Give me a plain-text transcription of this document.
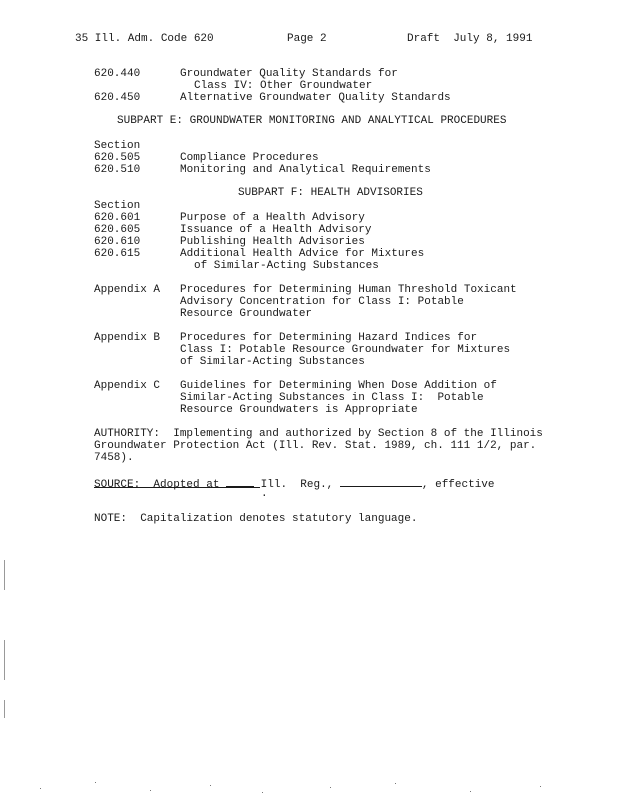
35 Ill. Adm. Code 620	Page 2	Draft  July 8, 1991
620.440	Groundwater Quality Standards for
Class IV: Other Groundwater
620.450	Alternative Groundwater Quality Standards
SUBPART E: GROUNDWATER MONITORING AND ANALYTICAL PROCEDURES
Section
620.505	Compliance Procedures
620.510	Monitoring and Analytical Requirements
SUBPART F: HEALTH ADVISORIES
Section
620.601	Purpose of a Health Advisory
620.605	Issuance of a Health Advisory
620.610	Publishing Health Advisories
620.615	Additional Health Advice for Mixtures
of Similar-Acting Substances
Appendix A Procedures for Determining Human Threshold Toxicant
Advisory Concentration for Class I: Potable
Resource Groundwater
Appendix B Procedures for Determining Hazard Indices for
Class I: Potable Resource Groundwater for Mixtures
of Similar-Acting Substances
Appendix C Guidelines for Determining When Dose Addition of
Similar-Acting Substances in Class I:  Potable
Resource Groundwaters is Appropriate
AUTHORITY:  Implementing and authorized by Section 8 of the Illinois
Groundwater Protection Act (Ill. Rev. Stat. 1989, ch. 111 1/2, par.
7458).
SOURCE: Adopted at	Ill.  Reg.,	, effective
.
NOTE:  Capitalization denotes statutory language.
